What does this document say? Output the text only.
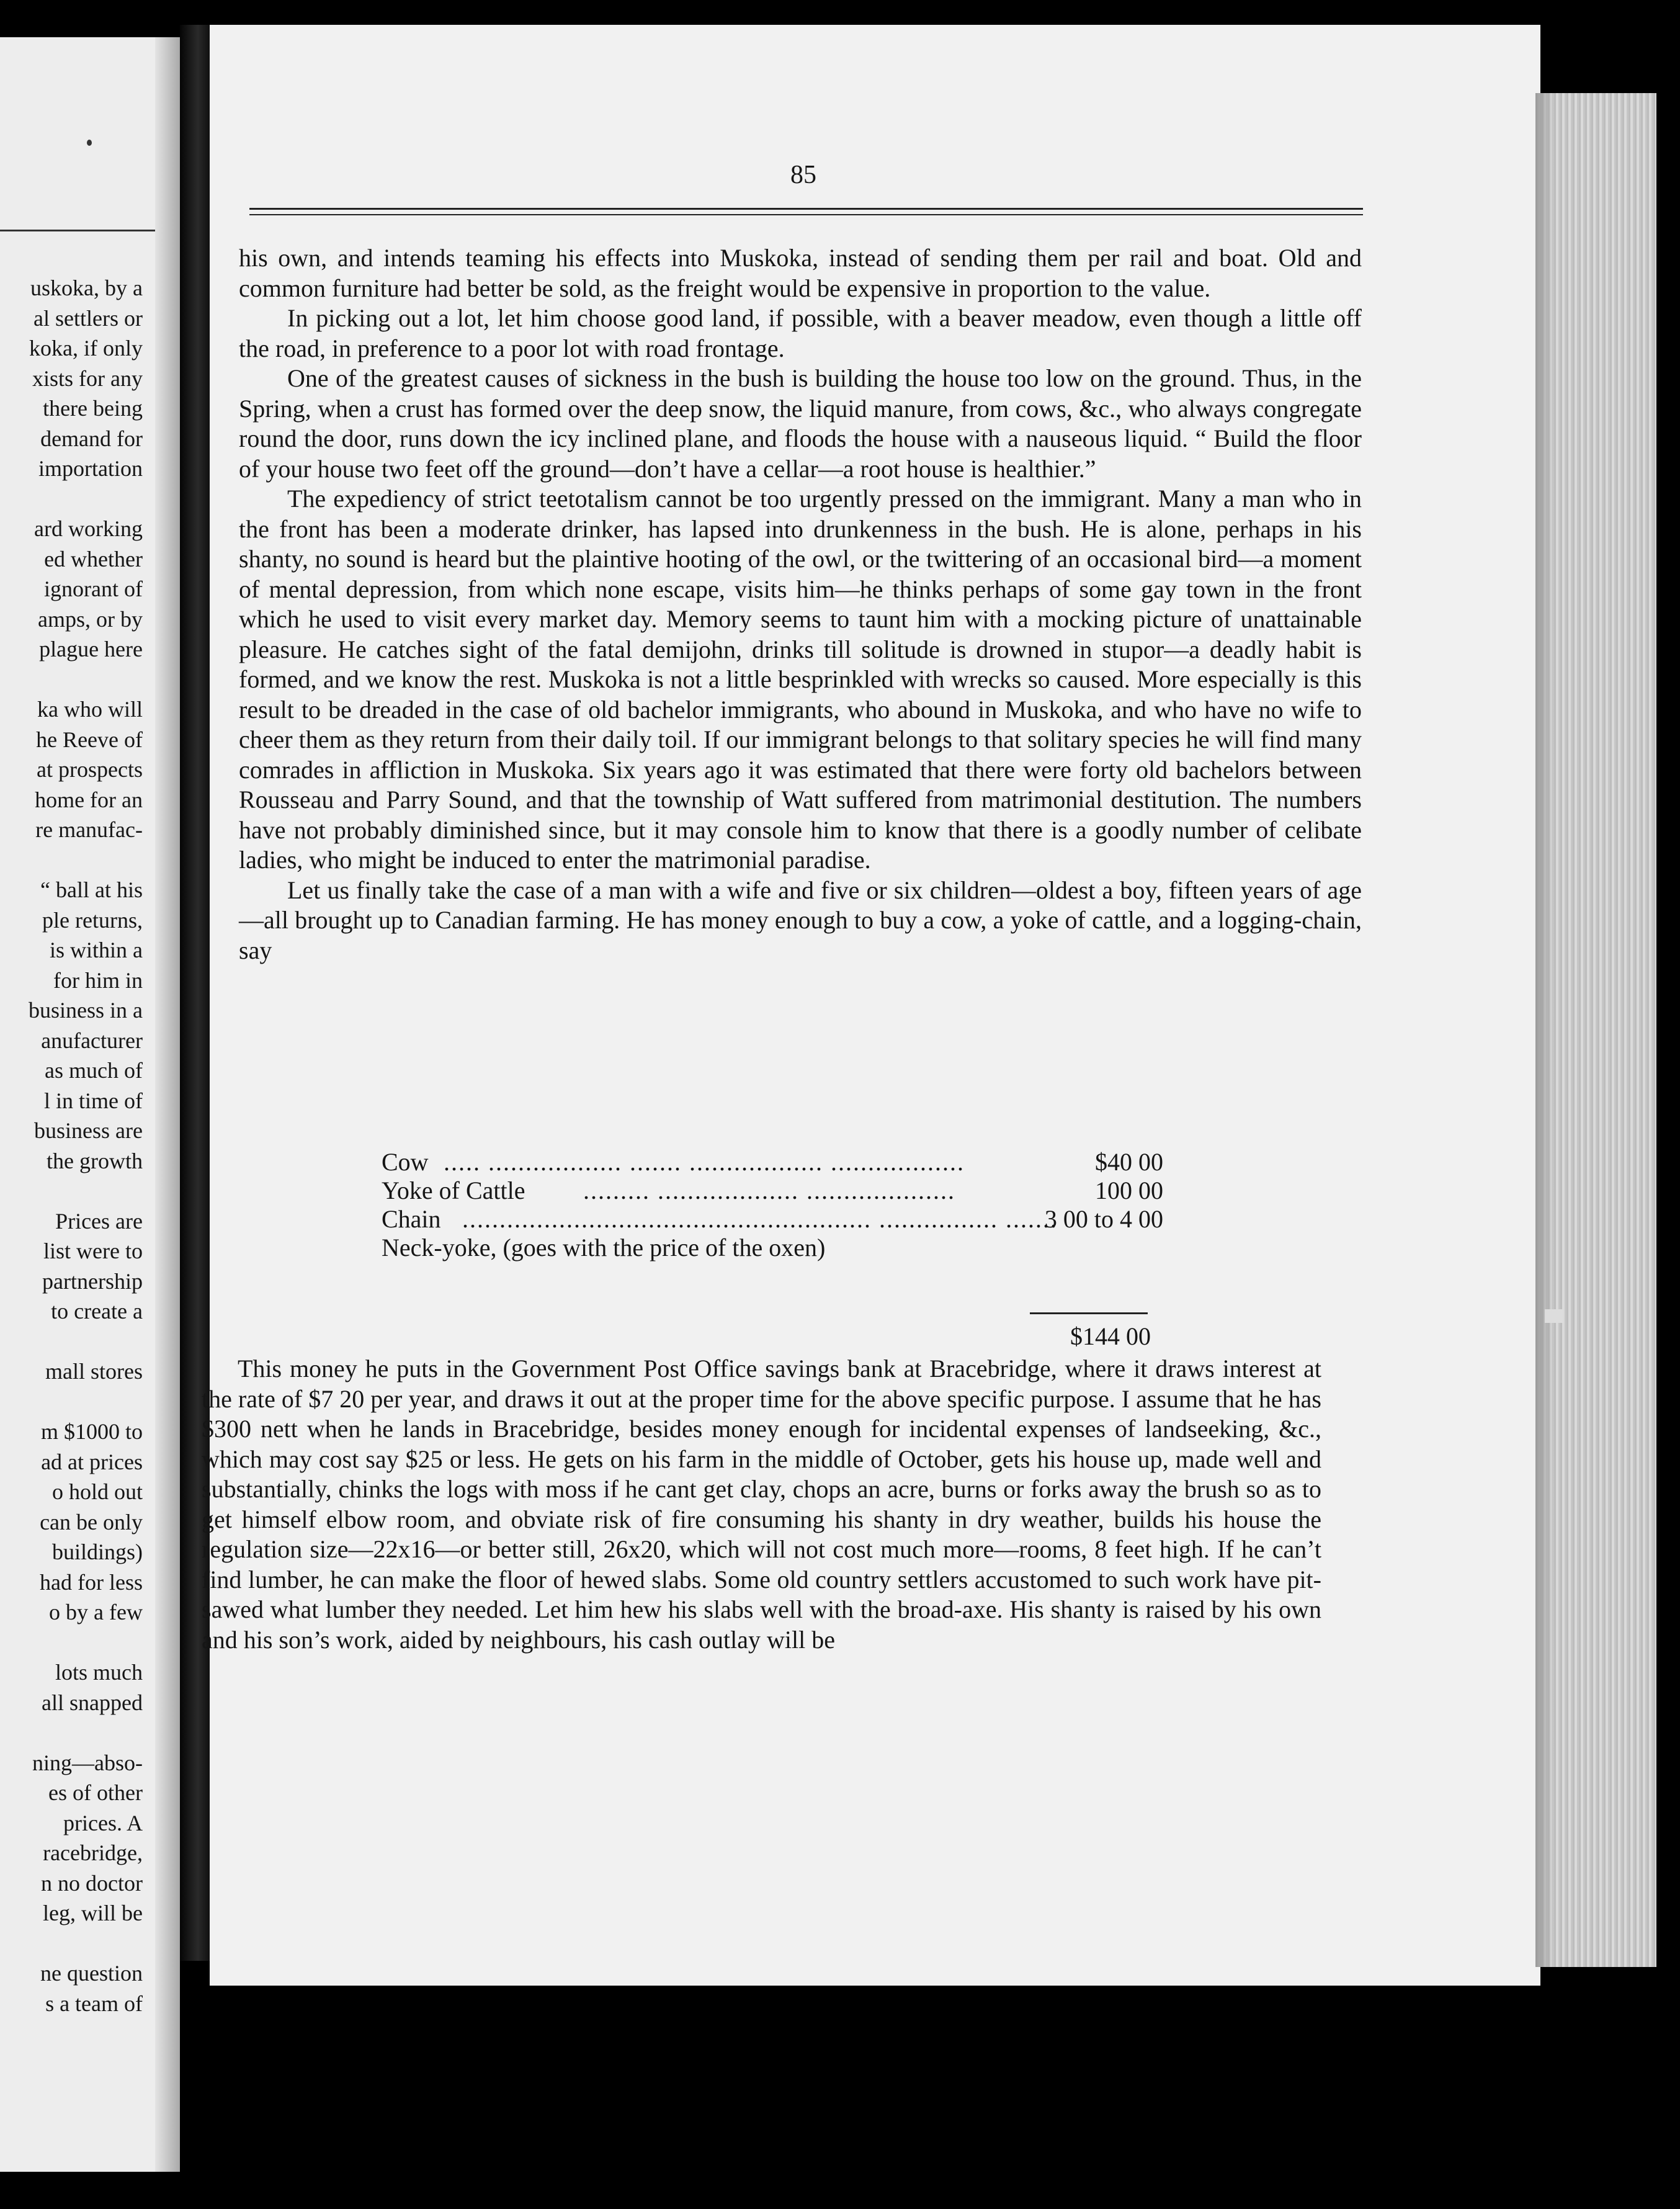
uskoka, by a
al settlers or
koka, if only
xists for any
there being
demand for
importation
ard working
ed whether
ignorant of
amps, or by
plague here
ka who will
he Reeve of
at prospects
home for an
re manufac-
“ ball at his
ple returns,
is within a
for him in
business in a
anufacturer
as much of
l in time of
business are
the growth
Prices are
list were to
partnership
to create a
mall stores
m $1000 to
ad at prices
o hold out
can be only
buildings)
had for less
o by a few
lots much
all snapped
ning—abso-
es of other
prices. A
racebridge,
n no doctor
leg, will be
ne question
s a team of
85

his own, and intends teaming his effects into Muskoka, instead of sending them per rail and boat. Old and common furniture had better be sold, as the freight would be expensive in proportion to the value.

In picking out a lot, let him choose good land, if possible, with a beaver meadow, even though a little off the road, in preference to a poor lot with road frontage.

One of the greatest causes of sickness in the bush is building the house too low on the ground. Thus, in the Spring, when a crust has formed over the deep snow, the liquid manure, from cows, &c., who always congregate round the door, runs down the icy inclined plane, and floods the house with a nauseous liquid. “ Build the floor of your house two feet off the ground—don’t have a cellar—a root house is healthier.”

The expediency of strict teetotalism cannot be too urgently pressed on the immigrant. Many a man who in the front has been a moderate drinker, has lapsed into drunkenness in the bush. He is alone, perhaps in his shanty, no sound is heard but the plaintive hooting of the owl, or the twittering of an occasional bird—a moment of mental depression, from which none escape, visits him—he thinks perhaps of some gay town in the front which he used to visit every market day. Memory seems to taunt him with a mocking picture of unattainable pleasure. He catches sight of the fatal demijohn, drinks till solitude is drowned in stupor—a deadly habit is formed, and we know the rest. Muskoka is not a little besprinkled with wrecks so caused. More especially is this result to be dreaded in the case of old bachelor immigrants, who abound in Muskoka, and who have no wife to cheer them as they return from their daily toil. If our immigrant belongs to that solitary species he will find many comrades in affliction in Muskoka. Six years ago it was estimated that there were forty old bachelors between Rousseau and Parry Sound, and that the township of Watt suffered from matrimonial destitution. The numbers have not probably diminished since, but it may console him to know that there is a goodly number of celibate ladies, who might be induced to enter the matrimonial paradise.

Let us finally take the case of a man with a wife and five or six children—oldest a boy, fifteen years of age—all brought up to Canadian farming. He has money enough to buy a cow, a yoke of cattle, and a logging-chain, say

Cow ..... .................. ....... .................. ..................	$40 00
Yoke of Cattle ......... ................... ....................	100 00
Chain ....................................................... ................ .......
3 00 to 4 00
Neck-yoke, (goes with the price of the oxen)
$144 00

This money he puts in the Government Post Office savings bank at Bracebridge, where it draws interest at the rate of $7 20 per year, and draws it out at the proper time for the above specific purpose. I assume that he has $300 nett when he lands in Bracebridge, besides money enough for incidental expenses of landseeking, &c., which may cost say $25 or less. He gets on his farm in the middle of October, gets his house up, made well and substantially, chinks the logs with moss if he cant get clay, chops an acre, burns or forks away the brush so as to get himself elbow room, and obviate risk of fire consuming his shanty in dry weather, builds his house the regulation size—22x16—or better still, 26x20, which will not cost much more—rooms, 8 feet high. If he can’t find lumber, he can make the floor of hewed slabs. Some old country settlers accustomed to such work have pit-sawed what lumber they needed. Let him hew his slabs well with the broad-axe. His shanty is raised by his own and his son’s work, aided by neighbours, his cash outlay will be
